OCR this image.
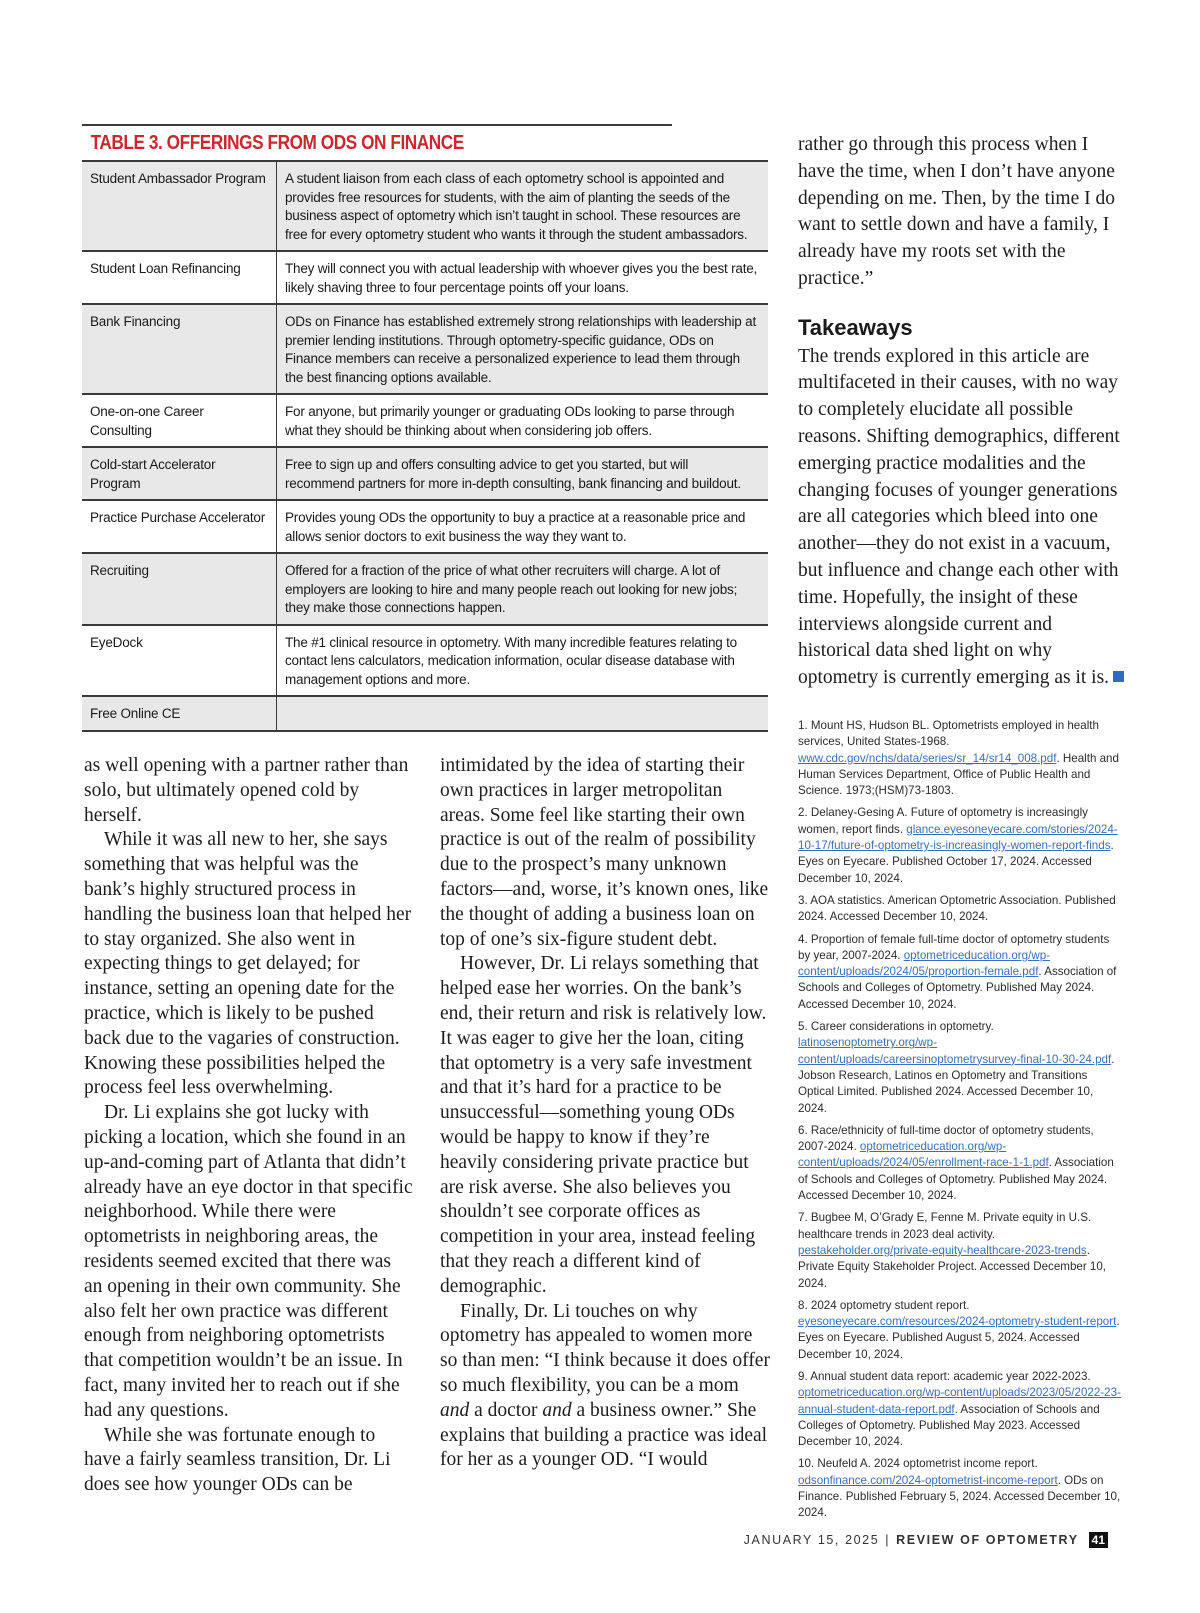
TABLE 3. OFFERINGS FROM ODS ON FINANCE
Student Ambassador Program	A student liaison from each class of each optometry school is appointed and provides free resources for students, with the aim of planting the seeds of the business aspect of optometry which isn’t taught in school. These resources are free for every optometry student who wants it through the student ambassadors.
Student Loan Refinancing	They will connect you with actual leadership with whoever gives you the best rate, likely shaving three to four percentage points off your loans.
Bank Financing	ODs on Finance has established extremely strong relationships with leadership at premier lending institutions. Through optometry-specific guidance, ODs on Finance members can receive a personalized experience to lead them through the best financing options available.
One-on-one Career Consulting	For anyone, but primarily younger or graduating ODs looking to parse through what they should be thinking about when considering job offers.
Cold-start Accelerator Program	Free to sign up and offers consulting advice to get you started, but will recommend partners for more in-depth consulting, bank financing and buildout.
Practice Purchase Accelerator	Provides young ODs the opportunity to buy a practice at a reasonable price and allows senior doctors to exit business the way they want to.
Recruiting	Offered for a fraction of the price of what other recruiters will charge. A lot of employers are looking to hire and many people reach out looking for new jobs; they make those connections happen.
EyeDock	The #1 clinical resource in optometry. With many incredible features relating to contact lens calculators, medication information, ocular disease database with management options and more.
Free Online CE	

as well opening with a partner rather than solo, but ultimately opened cold by herself.

While it was all new to her, she says something that was helpful was the bank’s highly structured process in handling the business loan that helped her to stay organized. She also went in expecting things to get delayed; for instance, setting an opening date for the practice, which is likely to be pushed back due to the vagaries of construction. Knowing these possibilities helped the process feel less overwhelming.

Dr. Li explains she got lucky with picking a location, which she found in an up-and-coming part of Atlanta that didn’t already have an eye doctor in that specific neighborhood. While there were optometrists in neighboring areas, the residents seemed excited that there was an opening in their own community. She also felt her own practice was different enough from neighboring optometrists that competition wouldn’t be an issue. In fact, many invited her to reach out if she had any questions.

While she was fortunate enough to have a fairly seamless transition, Dr. Li does see how younger ODs can be

intimidated by the idea of starting their own practices in larger metropolitan areas. Some feel like starting their own practice is out of the realm of possibility due to the prospect’s many unknown factors—and, worse, it’s known ones, like the thought of adding a business loan on top of one’s six-figure student debt.

However, Dr. Li relays something that helped ease her worries. On the bank’s end, their return and risk is relatively low. It was eager to give her the loan, citing that optometry is a very safe investment and that it’s hard for a practice to be unsuccessful—something young ODs would be happy to know if they’re heavily considering private practice but are risk averse. She also believes you shouldn’t see corporate offices as competition in your area, instead feeling that they reach a different kind of demographic.

Finally, Dr. Li touches on why optometry has appealed to women more so than men: “I think because it does offer so much flexibility, you can be a mom and a doctor and a business owner.” She explains that building a practice was ideal for her as a younger OD. “I would

rather go through this process when I have the time, when I don’t have anyone depending on me. Then, by the time I do want to settle down and have a family, I already have my roots set with the practice.”

Takeaways

The trends explored in this article are multifaceted in their causes, with no way to completely elucidate all possible reasons. Shifting demographics, different emerging practice modalities and the changing focuses of younger generations are all categories which bleed into one another—they do not exist in a vacuum, but influence and change each other with time. Hopefully, the insight of these interviews alongside current and historical data shed light on why optometry is currently emerging as it is.

1. Mount HS, Hudson BL. Optometrists employed in health services, United States-1968. www.cdc.gov/nchs/data/series/sr_14/sr14_008.pdf. Health and Human Services Department, Office of Public Health and Science. 1973;(HSM)73-1803.

2. Delaney-Gesing A. Future of optometry is increasingly women, report finds. glance.eyesoneyecare.com/stories/2024-10-17/future-of-optometry-is-increasingly-women-report-finds. Eyes on Eyecare. Published October 17, 2024. Accessed December 10, 2024.

3. AOA statistics. American Optometric Association. Published 2024. Accessed December 10, 2024.

4. Proportion of female full-time doctor of optometry students by year, 2007-2024. optometriceducation.org/wp-content/uploads/2024/05/proportion-female.pdf. Association of Schools and Colleges of Optometry. Published May 2024. Accessed December 10, 2024.

5. Career considerations in optometry. latinosenoptometry.org/wp-content/uploads/careersinoptometrysurvey-final-10-30-24.pdf. Jobson Research, Latinos en Optometry and Transitions Optical Limited. Published 2024. Accessed December 10, 2024.

6. Race/ethnicity of full-time doctor of optometry students, 2007-2024. optometriceducation.org/wp-content/uploads/2024/05/enrollment-race-1-1.pdf. Association of Schools and Colleges of Optometry. Published May 2024. Accessed December 10, 2024.

7. Bugbee M, O’Grady E, Fenne M. Private equity in U.S. healthcare trends in 2023 deal activity. pestakeholder.org/private-equity-healthcare-2023-trends. Private Equity Stakeholder Project. Accessed December 10, 2024.

8. 2024 optometry student report. eyesoneyecare.com/resources/2024-optometry-student-report. Eyes on Eyecare. Published August 5, 2024. Accessed December 10, 2024.

9. Annual student data report: academic year 2022-2023. optometriceducation.org/wp-content/uploads/2023/05/2022-23-annual-student-data-report.pdf. Association of Schools and Colleges of Optometry. Published May 2023. Accessed December 10, 2024.

10. Neufeld A. 2024 optometrist income report. odsonfinance.com/2024-optometrist-income-report. ODs on Finance. Published February 5, 2024. Accessed December 10, 2024.

JANUARY 15, 2025 | REVIEW OF OPTOMETRY 41
